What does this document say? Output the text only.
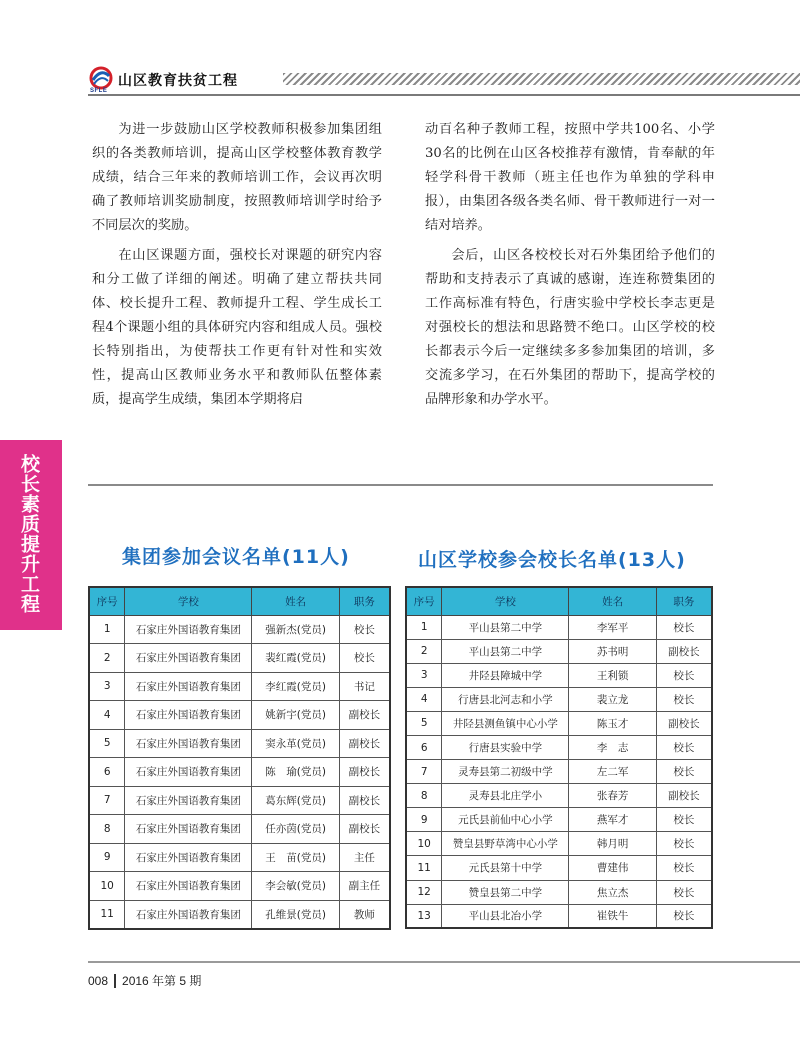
SFLE
山区教育扶贫工程

为进一步鼓励山区学校教师积极参加集团组织的各类教师培训，提高山区学校整体教育教学成绩，结合三年来的教师培训工作，会议再次明确了教师培训奖励制度，按照教师培训学时给予不同层次的奖励。

在山区课题方面，强校长对课题的研究内容和分工做了详细的阐述。明确了建立帮扶共同体、校长提升工程、教师提升工程、学生成长工程4个课题小组的具体研究内容和组成人员。强校长特别指出，为使帮扶工作更有针对性和实效性，提高山区教师业务水平和教师队伍整体素质，提高学生成绩，集团本学期将启

动百名种子教师工程，按照中学共100名、小学30名的比例在山区各校推荐有激情，肯奉献的年轻学科骨干教师（班主任也作为单独的学科申报），由集团各级各类名师、骨干教师进行一对一结对培养。

会后，山区各校校长对石外集团给予他们的帮助和支持表示了真诚的感谢，连连称赞集团的工作高标准有特色，行唐实验中学校长李志更是对强校长的想法和思路赞不绝口。山区学校的校长都表示今后一定继续多多参加集团的培训，多交流多学习，在石外集团的帮助下，提高学校的品牌形象和办学水平。

校长素质提升工程	集团参加会议名单(11人)	山区学校参会校长名单(13人)
序号	学校	姓名	职务
1	石家庄外国语教育集团	强新杰(党员)	校长
2	石家庄外国语教育集团	裴红霞(党员)	校长
3	石家庄外国语教育集团	李红霞(党员)	书记
4	石家庄外国语教育集团	姚新宇(党员)	副校长
5	石家庄外国语教育集团	窦永革(党员)	副校长
6	石家庄外国语教育集团	陈　瑜(党员)	副校长
7	石家庄外国语教育集团	葛东辉(党员)	副校长
8	石家庄外国语教育集团	任亦茵(党员)	副校长
9	石家庄外国语教育集团	王　苗(党员)	主任
10	石家庄外国语教育集团	李会敏(党员)	副主任
11	石家庄外国语教育集团	孔维景(党员)	教师
序号	学校	姓名	职务
1	平山县第二中学	李军平	校长
2	平山县第二中学	苏书明	副校长
3	井陉县障城中学	王利锁	校长
4	行唐县北河志和小学	裴立龙	校长
5	井陉县测鱼镇中心小学	陈玉才	副校长
6	行唐县实验中学	李　志	校长
7	灵寿县第二初级中学	左二军	校长
8	灵寿县北庄学小	张春芳	副校长
9	元氏县前仙中心小学	燕军才	校长
10	赞皇县野草湾中心小学	韩月明	校长
11	元氏县第十中学	曹建伟	校长
12	赞皇县第二中学	焦立杰	校长
13	平山县北冶小学	崔铁牛	校长
008 2016 年第 5 期
